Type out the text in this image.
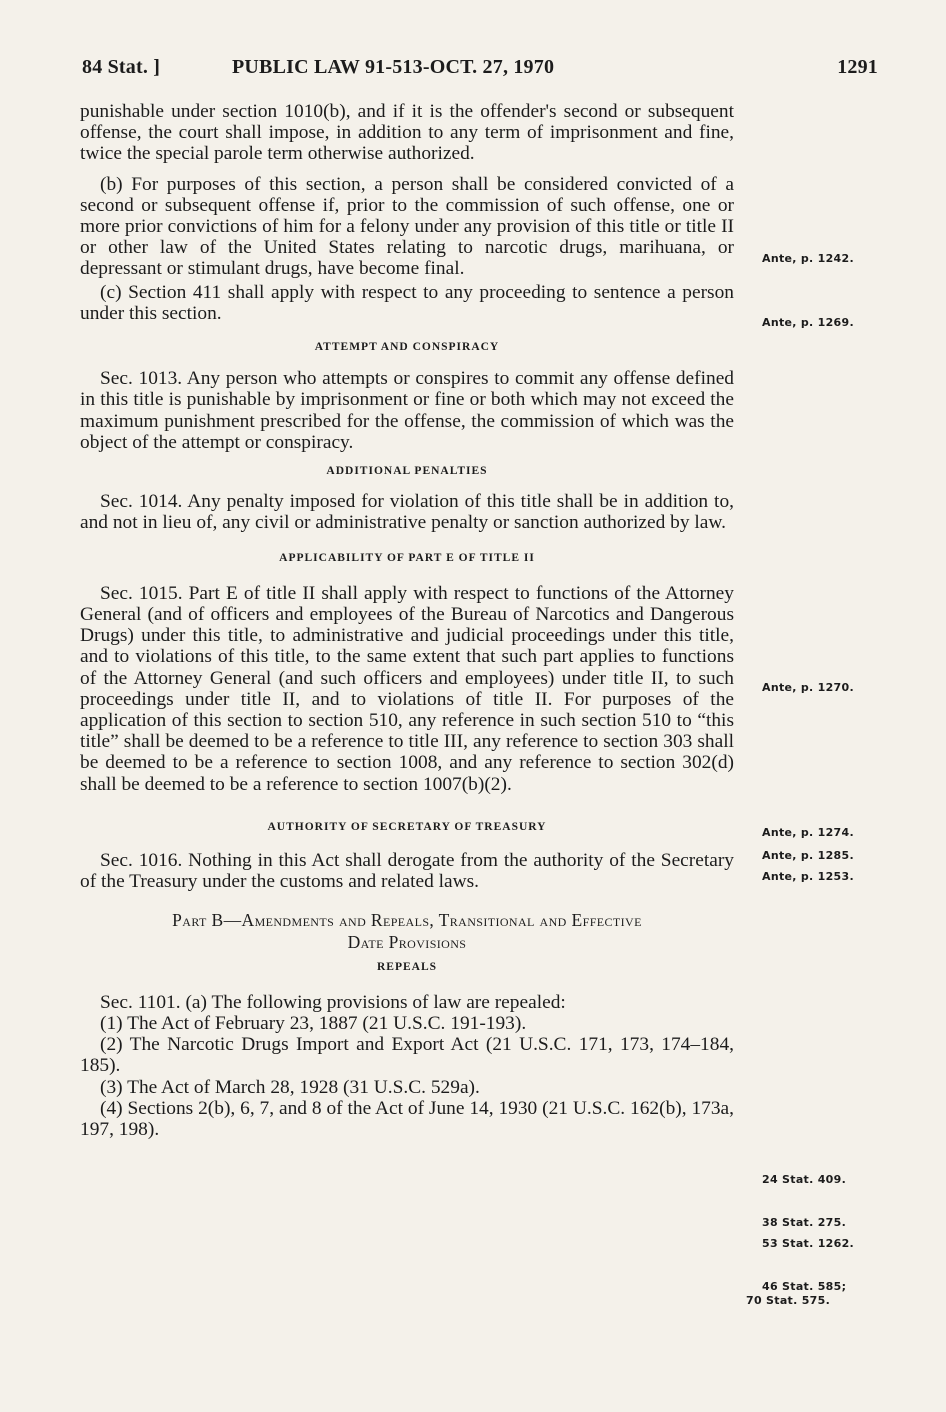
84 Stat. ]	PUBLIC LAW 91-513-OCT. 27, 1970	1291

punishable under section 1010(b), and if it is the offender's second or subsequent offense, the court shall impose, in addition to any term of imprisonment and fine, twice the special parole term otherwise authorized.

(b) For purposes of this section, a person shall be considered convicted of a second or subsequent offense if, prior to the commission of such offense, one or more prior convictions of him for a felony under any provision of this title or title II or other law of the United States relating to narcotic drugs, marihuana, or depressant or stimulant drugs, have become final.

(c) Section 411 shall apply with respect to any proceeding to sentence a person under this section.

ATTEMPT AND CONSPIRACY

Sec. 1013. Any person who attempts or conspires to commit any offense defined in this title is punishable by imprisonment or fine or both which may not exceed the maximum punishment prescribed for the offense, the commission of which was the object of the attempt or conspiracy.

ADDITIONAL PENALTIES

Sec. 1014. Any penalty imposed for violation of this title shall be in addition to, and not in lieu of, any civil or administrative penalty or sanction authorized by law.

APPLICABILITY OF PART E OF TITLE II

Sec. 1015. Part E of title II shall apply with respect to functions of the Attorney General (and of officers and employees of the Bureau of Narcotics and Dangerous Drugs) under this title, to administrative and judicial proceedings under this title, and to violations of this title, to the same extent that such part applies to functions of the Attorney General (and such officers and employees) under title II, to such proceedings under title II, and to violations of title II. For purposes of the application of this section to section 510, any reference in such section 510 to “this title” shall be deemed to be a reference to title III, any reference to section 303 shall be deemed to be a reference to section 1008, and any reference to section 302(d) shall be deemed to be a reference to section 1007(b)(2).

AUTHORITY OF SECRETARY OF TREASURY

Sec. 1016. Nothing in this Act shall derogate from the authority of the Secretary of the Treasury under the customs and related laws.

Part B—Amendments and Repeals, Transitional and Effective

Date Provisions

REPEALS

Sec. 1101. (a) The following provisions of law are repealed:

(1) The Act of February 23, 1887 (21 U.S.C. 191-193).

(2) The Narcotic Drugs Import and Export Act (21 U.S.C. 171, 173, 174–184, 185).

(3) The Act of March 28, 1928 (31 U.S.C. 529a).

(4) Sections 2(b), 6, 7, and 8 of the Act of June 14, 1930 (21 U.S.C. 162(b), 173a, 197, 198).

Ante, p. 1242.
Ante, p. 1269.
Ante, p. 1270.
Ante, p. 1274.
Ante, p. 1285.
Ante, p. 1253.
24 Stat. 409.
38 Stat. 275.
53 Stat. 1262.
46 Stat. 585;
70 Stat. 575.
